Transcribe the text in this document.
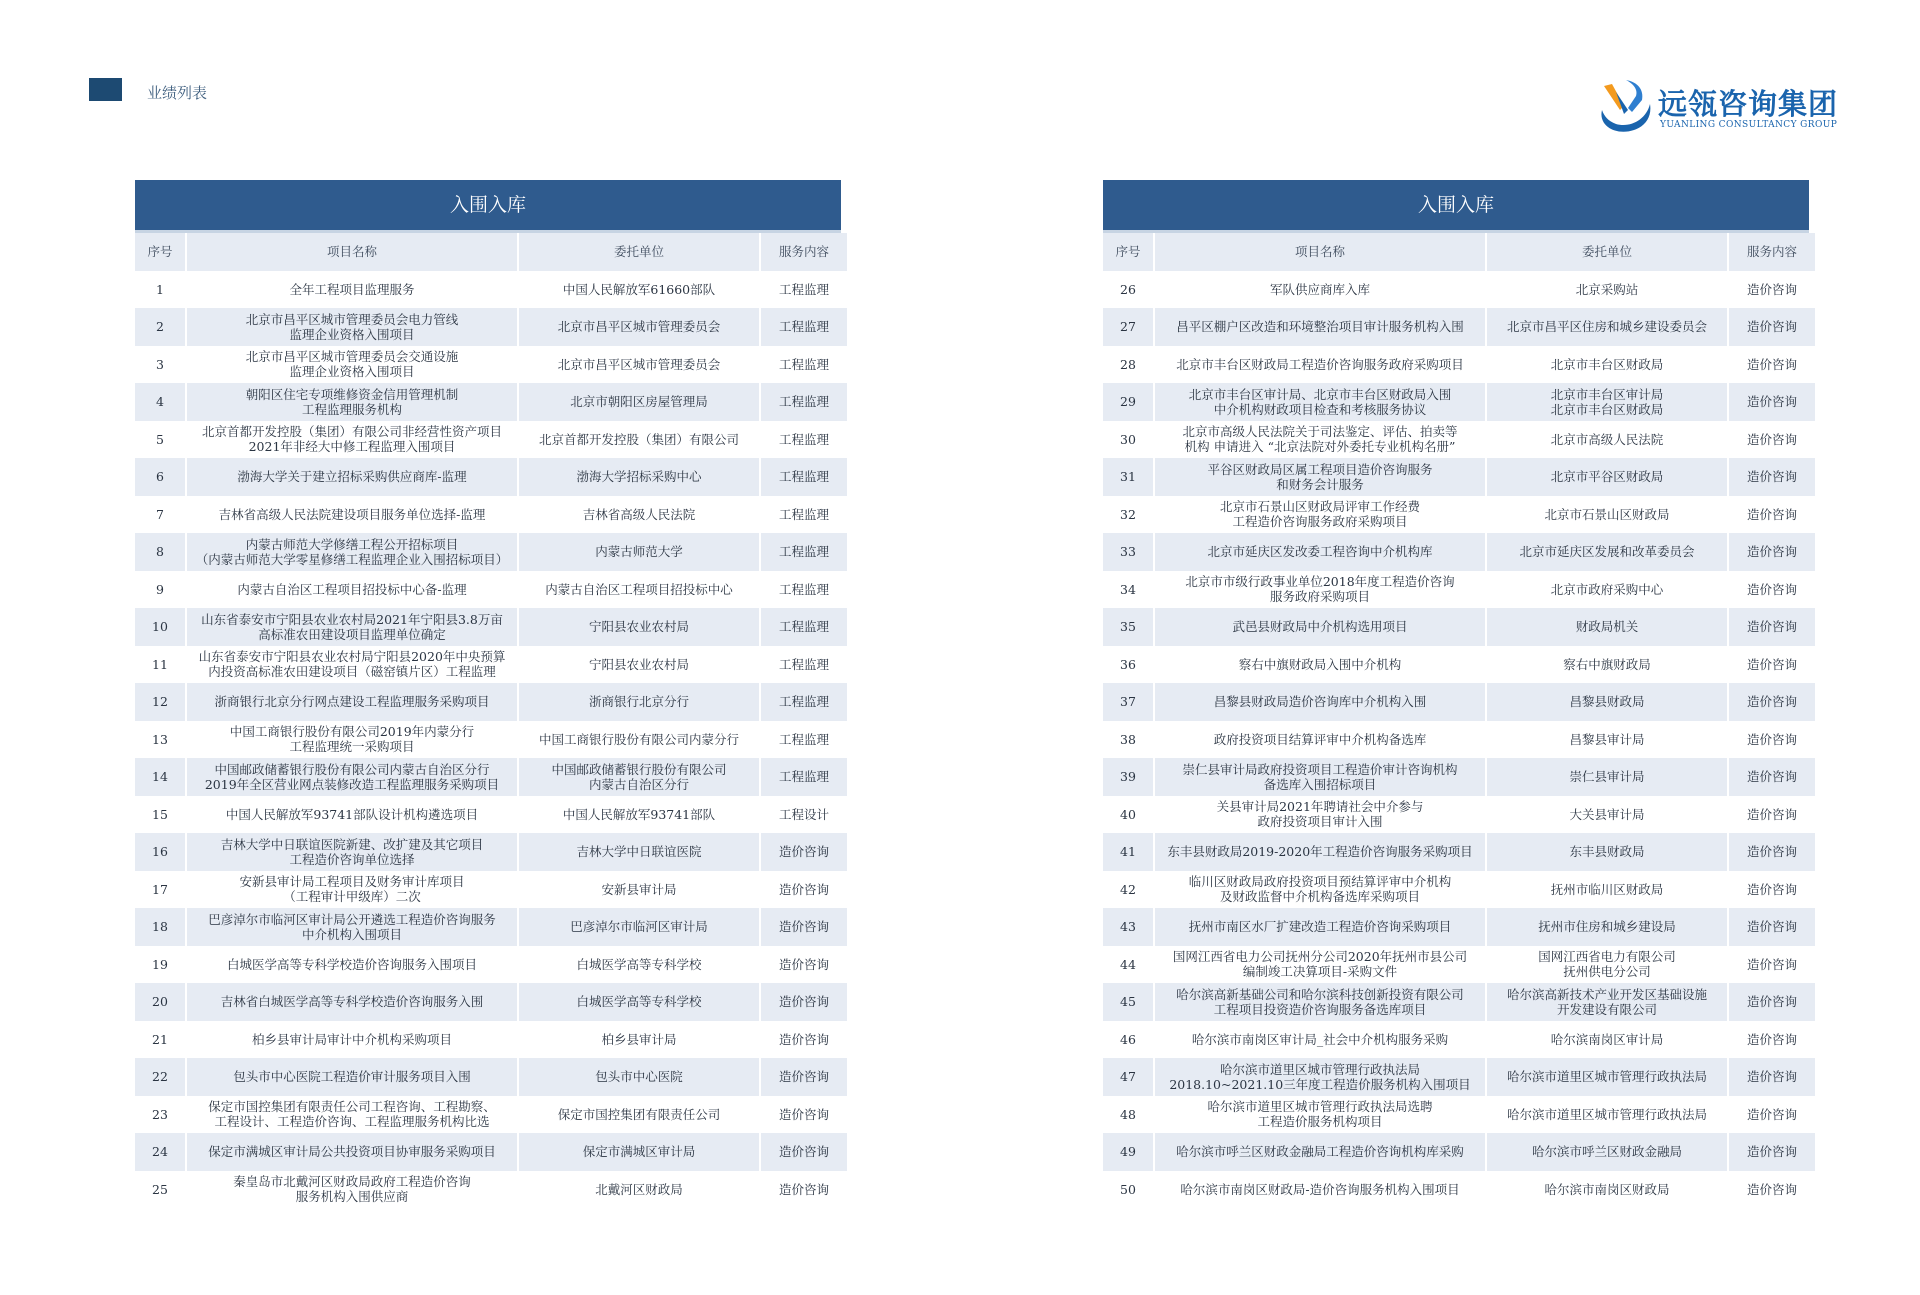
业绩列表	远瓴咨询集团
YUANLING CONSULTANCY GROUP
入围入库
序号	项目名称	委托单位	服务内容
1	全年工程项目监理服务	中国人民解放军61660部队	工程监理
2	北京市昌平区城市管理委员会电力管线
监理企业资格入围项目	北京市昌平区城市管理委员会	工程监理
3	北京市昌平区城市管理委员会交通设施
监理企业资格入围项目	北京市昌平区城市管理委员会	工程监理
4	朝阳区住宅专项维修资金信用管理机制
工程监理服务机构	北京市朝阳区房屋管理局	工程监理
5	北京首都开发控股（集团）有限公司非经营性资产项目
2021年非经大中修工程监理入围项目	北京首都开发控股（集团）有限公司	工程监理
6	渤海大学关于建立招标采购供应商库-监理	渤海大学招标采购中心	工程监理
7	吉林省高级人民法院建设项目服务单位选择-监理	吉林省高级人民法院	工程监理
8	内蒙古师范大学修缮工程公开招标项目
（内蒙古师范大学零星修缮工程监理企业入围招标项目）	内蒙古师范大学	工程监理
9	内蒙古自治区工程项目招投标中心备-监理	内蒙古自治区工程项目招投标中心	工程监理
10	山东省泰安市宁阳县农业农村局2021年宁阳县3.8万亩
高标准农田建设项目监理单位确定	宁阳县农业农村局	工程监理
11	山东省泰安市宁阳县农业农村局宁阳县2020年中央预算
内投资高标准农田建设项目（磁窑镇片区）工程监理	宁阳县农业农村局	工程监理
12	浙商银行北京分行网点建设工程监理服务采购项目	浙商银行北京分行	工程监理
13	中国工商银行股份有限公司2019年内蒙分行
工程监理统一采购项目	中国工商银行股份有限公司内蒙分行	工程监理
14	中国邮政储蓄银行股份有限公司内蒙古自治区分行
2019年全区营业网点装修改造工程监理服务采购项目	中国邮政储蓄银行股份有限公司
内蒙古自治区分行	工程监理
15	中国人民解放军93741部队设计机构遴选项目	中国人民解放军93741部队	工程设计
16	吉林大学中日联谊医院新建、改扩建及其它项目
工程造价咨询单位选择	吉林大学中日联谊医院	造价咨询
17	安新县审计局工程项目及财务审计库项目
（工程审计甲级库）二次	安新县审计局	造价咨询
18	巴彦淖尔市临河区审计局公开遴选工程造价咨询服务
中介机构入围项目	巴彦淖尔市临河区审计局	造价咨询
19	白城医学高等专科学校造价咨询服务入围项目	白城医学高等专科学校	造价咨询
20	吉林省白城医学高等专科学校造价咨询服务入围	白城医学高等专科学校	造价咨询
21	柏乡县审计局审计中介机构采购项目	柏乡县审计局	造价咨询
22	包头市中心医院工程造价审计服务项目入围	包头市中心医院	造价咨询
23	保定市国控集团有限责任公司工程咨询、工程勘察、
工程设计、工程造价咨询、工程监理服务机构比选	保定市国控集团有限责任公司	造价咨询
24	保定市满城区审计局公共投资项目协审服务采购项目	保定市满城区审计局	造价咨询
25	秦皇岛市北戴河区财政局政府工程造价咨询
服务机构入围供应商	北戴河区财政局	造价咨询
入围入库
序号	项目名称	委托单位	服务内容
26	军队供应商库入库	北京采购站	造价咨询
27	昌平区棚户区改造和环境整治项目审计服务机构入围	北京市昌平区住房和城乡建设委员会	造价咨询
28	北京市丰台区财政局工程造价咨询服务政府采购项目	北京市丰台区财政局	造价咨询
29	北京市丰台区审计局、北京市丰台区财政局入围
中介机构财政项目检查和考核服务协议	北京市丰台区审计局
北京市丰台区财政局	造价咨询
30	北京市高级人民法院关于司法鉴定、评估、拍卖等
机构 申请进入 “北京法院对外委托专业机构名册”	北京市高级人民法院	造价咨询
31	平谷区财政局区属工程项目造价咨询服务
和财务会计服务	北京市平谷区财政局	造价咨询
32	北京市石景山区财政局评审工作经费
工程造价咨询服务政府采购项目	北京市石景山区财政局	造价咨询
33	北京市延庆区发改委工程咨询中介机构库	北京市延庆区发展和改革委员会	造价咨询
34	北京市市级行政事业单位2018年度工程造价咨询
服务政府采购项目	北京市政府采购中心	造价咨询
35	武邑县财政局中介机构选用项目	财政局机关	造价咨询
36	察右中旗财政局入围中介机构	察右中旗财政局	造价咨询
37	昌黎县财政局造价咨询库中介机构入围	昌黎县财政局	造价咨询
38	政府投资项目结算评审中介机构备选库	昌黎县审计局	造价咨询
39	崇仁县审计局政府投资项目工程造价审计咨询机构
备选库入围招标项目	崇仁县审计局	造价咨询
40	关县审计局2021年聘请社会中介参与
政府投资项目审计入围	大关县审计局	造价咨询
41	东丰县财政局2019-2020年工程造价咨询服务采购项目	东丰县财政局	造价咨询
42	临川区财政局政府投资项目预结算评审中介机构
及财政监督中介机构备选库采购项目	抚州市临川区财政局	造价咨询
43	抚州市南区水厂扩建改造工程造价咨询采购项目	抚州市住房和城乡建设局	造价咨询
44	国网江西省电力公司抚州分公司2020年抚州市县公司
编制竣工决算项目-采购文件	国网江西省电力有限公司
抚州供电分公司	造价咨询
45	哈尔滨高新基础公司和哈尔滨科技创新投资有限公司
工程项目投资造价咨询服务备选库项目	哈尔滨高新技术产业开发区基础设施
开发建设有限公司	造价咨询
46	哈尔滨市南岗区审计局_社会中介机构服务采购	哈尔滨南岗区审计局	造价咨询
47	哈尔滨市道里区城市管理行政执法局
2018.10~2021.10三年度工程造价服务机构入围项目	哈尔滨市道里区城市管理行政执法局	造价咨询
48	哈尔滨市道里区城市管理行政执法局选聘
工程造价服务机构项目	哈尔滨市道里区城市管理行政执法局	造价咨询
49	哈尔滨市呼兰区财政金融局工程造价咨询机构库采购	哈尔滨市呼兰区财政金融局	造价咨询
50	哈尔滨市南岗区财政局-造价咨询服务机构入围项目	哈尔滨市南岗区财政局	造价咨询
